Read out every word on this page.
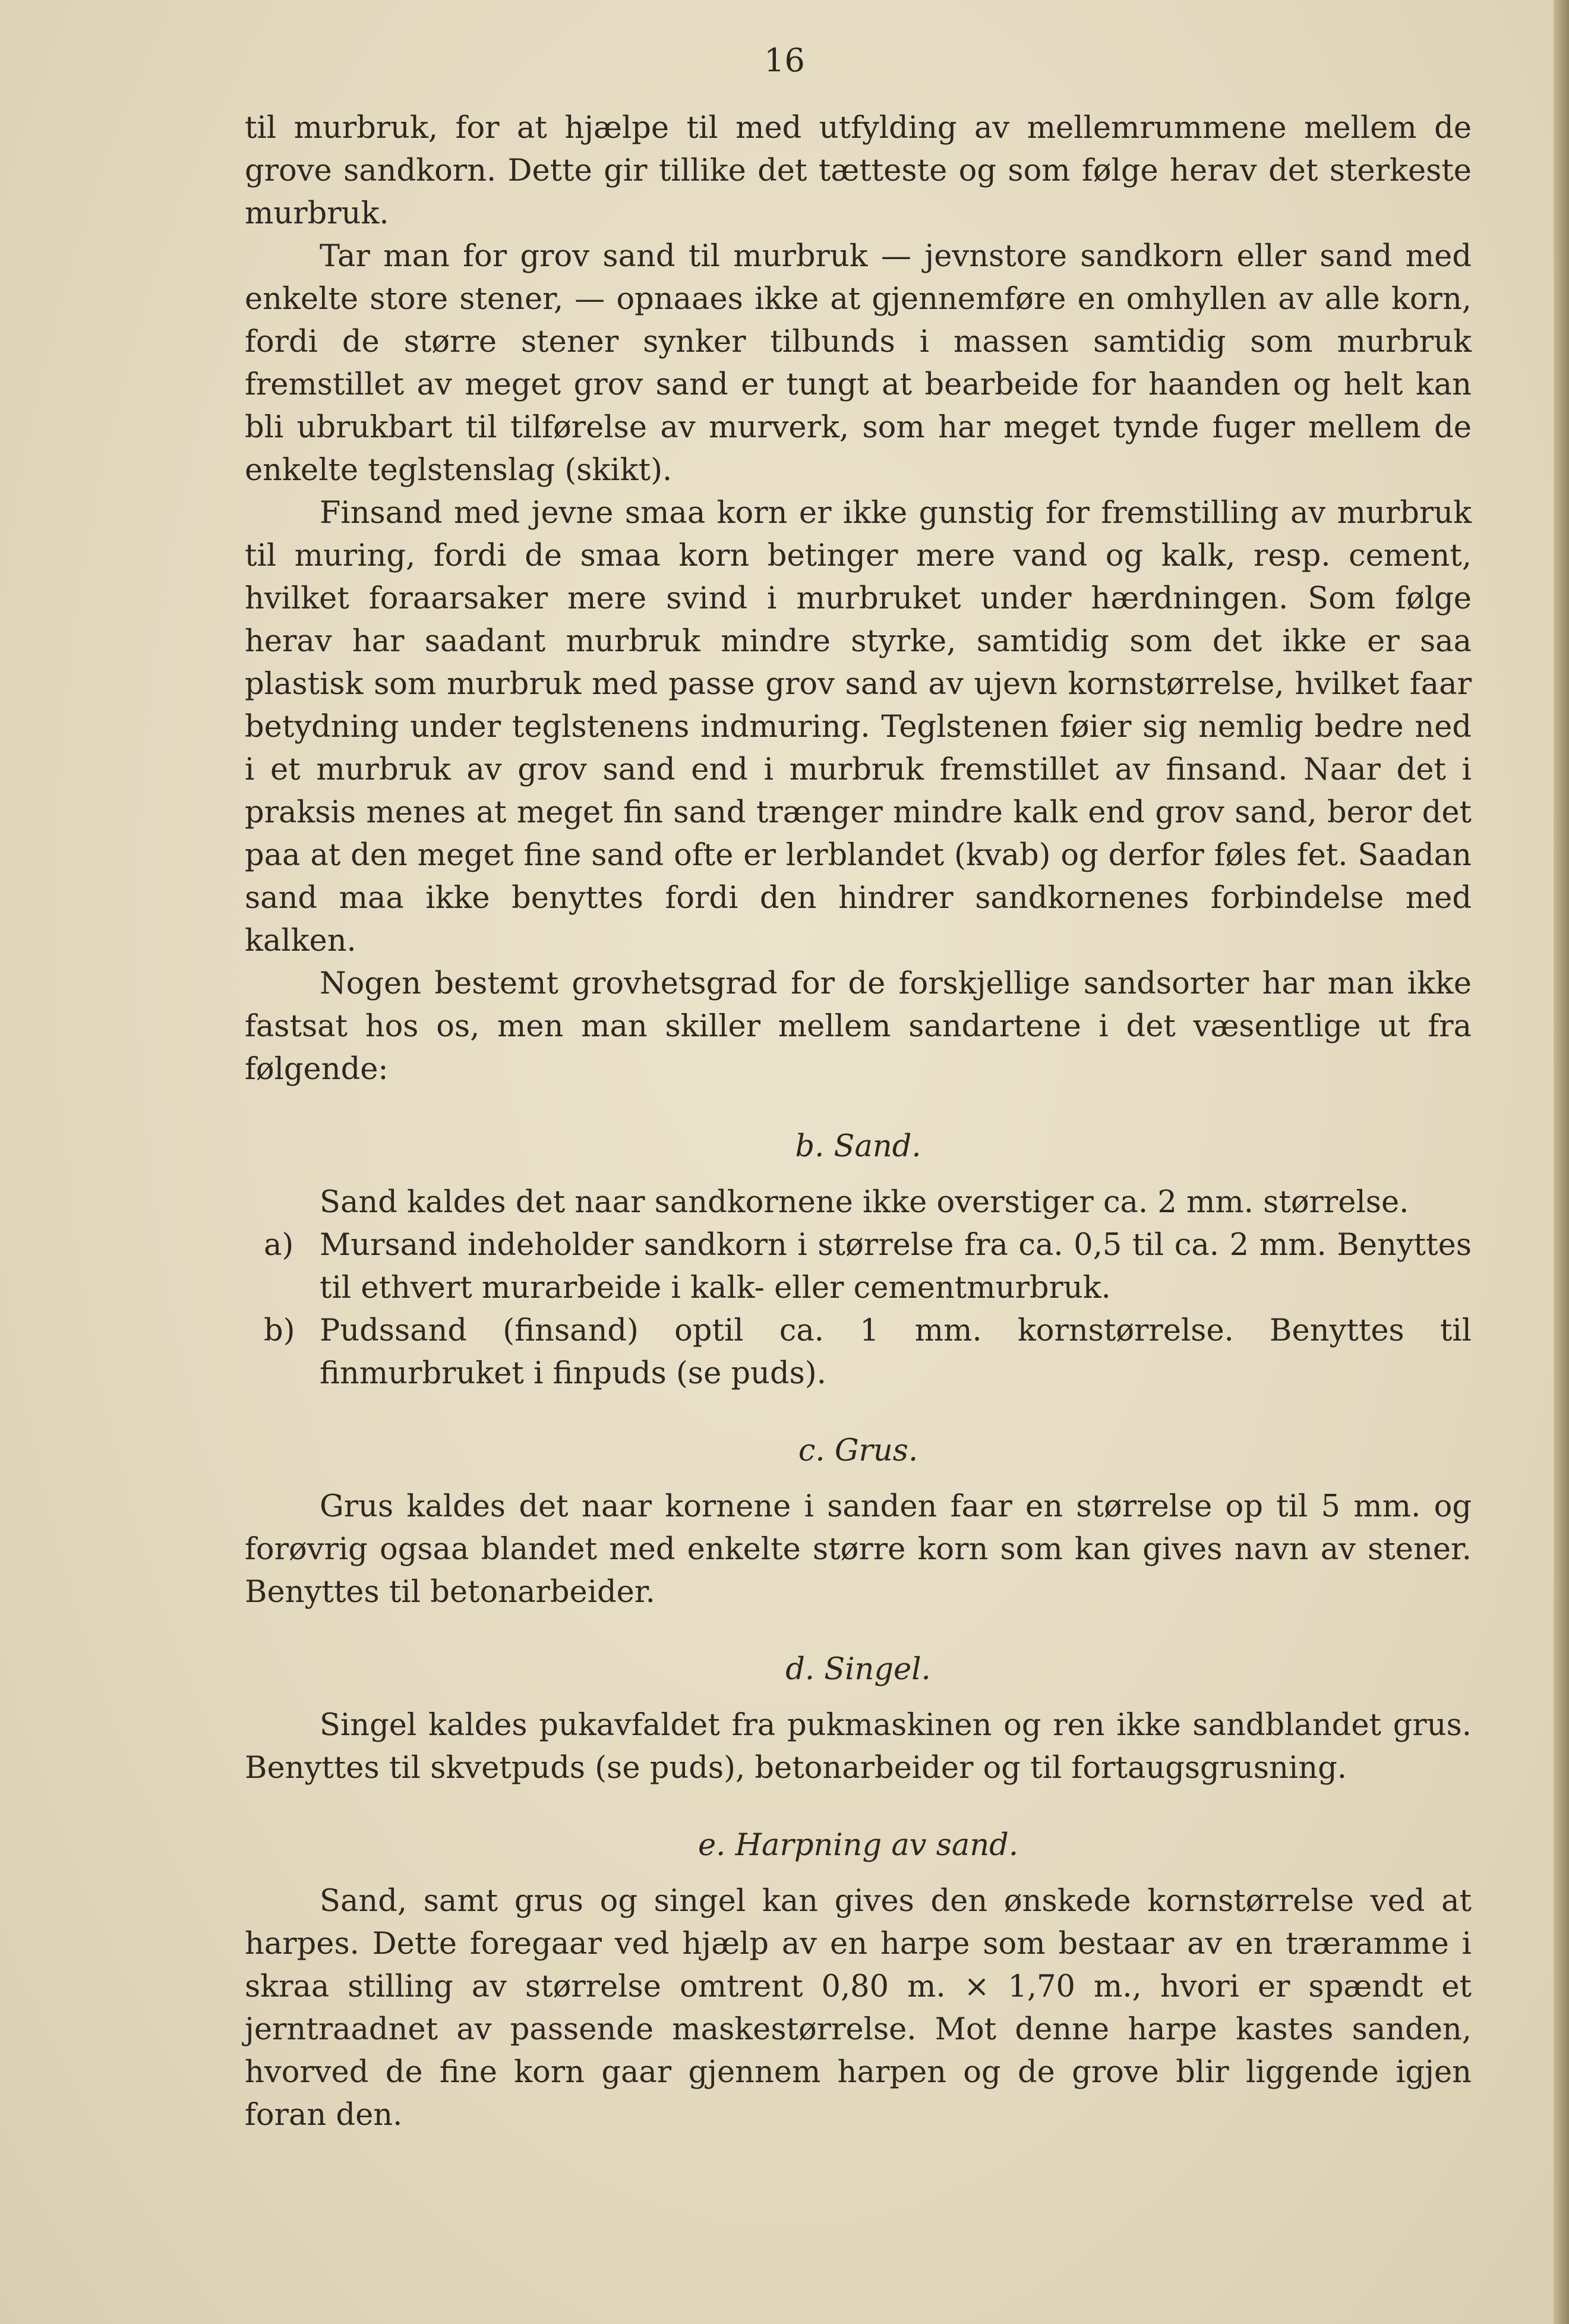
16

til murbruk, for at hjælpe til med utfylding av mellemrummene mellem de grove sandkorn. Dette gir tillike det tætteste og som følge herav det sterkeste murbruk.

Tar man for grov sand til murbruk — jevnstore sandkorn eller sand med enkelte store stener, — opnaaes ikke at gjennemføre en omhyllen av alle korn, fordi de større stener synker tilbunds i massen samtidig som murbruk fremstillet av meget grov sand er tungt at bearbeide for haanden og helt kan bli ubrukbart til tilførelse av murverk, som har meget tynde fuger mellem de enkelte teglstenslag (skikt).

Finsand med jevne smaa korn er ikke gunstig for fremstilling av murbruk til muring, fordi de smaa korn betinger mere vand og kalk, resp. cement, hvilket foraarsaker mere svind i murbruket under hærdningen. Som følge herav har saadant murbruk mindre styrke, samtidig som det ikke er saa plastisk som murbruk med passe grov sand av ujevn kornstørrelse, hvilket faar betydning under teglstenens indmuring. Teglstenen føier sig nemlig bedre ned i et murbruk av grov sand end i murbruk fremstillet av finsand. Naar det i praksis menes at meget fin sand trænger mindre kalk end grov sand, beror det paa at den meget fine sand ofte er lerblandet (kvab) og derfor føles fet. Saadan sand maa ikke benyttes fordi den hindrer sandkornenes forbindelse med kalken.

Nogen bestemt grovhetsgrad for de forskjellige sandsorter har man ikke fastsat hos os, men man skiller mellem sandartene i det væsentlige ut fra følgende:

b. Sand.

Sand kaldes det naar sandkornene ikke overstiger ca. 2 mm. størrelse.

a) Mursand indeholder sandkorn i størrelse fra ca. 0,5 til ca. 2 mm. Benyttes til ethvert murarbeide i kalk- eller cementmurbruk.

b) Pudssand (finsand) optil ca. 1 mm. kornstørrelse. Benyttes til finmurbruket i finpuds (se puds).

c. Grus.

Grus kaldes det naar kornene i sanden faar en størrelse op til 5 mm. og forøvrig ogsaa blandet med enkelte større korn som kan gives navn av stener. Benyttes til betonarbeider.

d. Singel.

Singel kaldes pukavfaldet fra pukmaskinen og ren ikke sandblandet grus. Benyttes til skvetpuds (se puds), betonarbeider og til fortaugsgrusning.

e. Harpning av sand.

Sand, samt grus og singel kan gives den ønskede kornstørrelse ved at harpes. Dette foregaar ved hjælp av en harpe som bestaar av en træramme i skraa stilling av størrelse omtrent 0,80 m. × 1,70 m., hvori er spændt et jerntraadnet av passende maskestørrelse. Mot denne harpe kastes sanden, hvorved de fine korn gaar gjennem harpen og de grove blir liggende igjen foran den.
